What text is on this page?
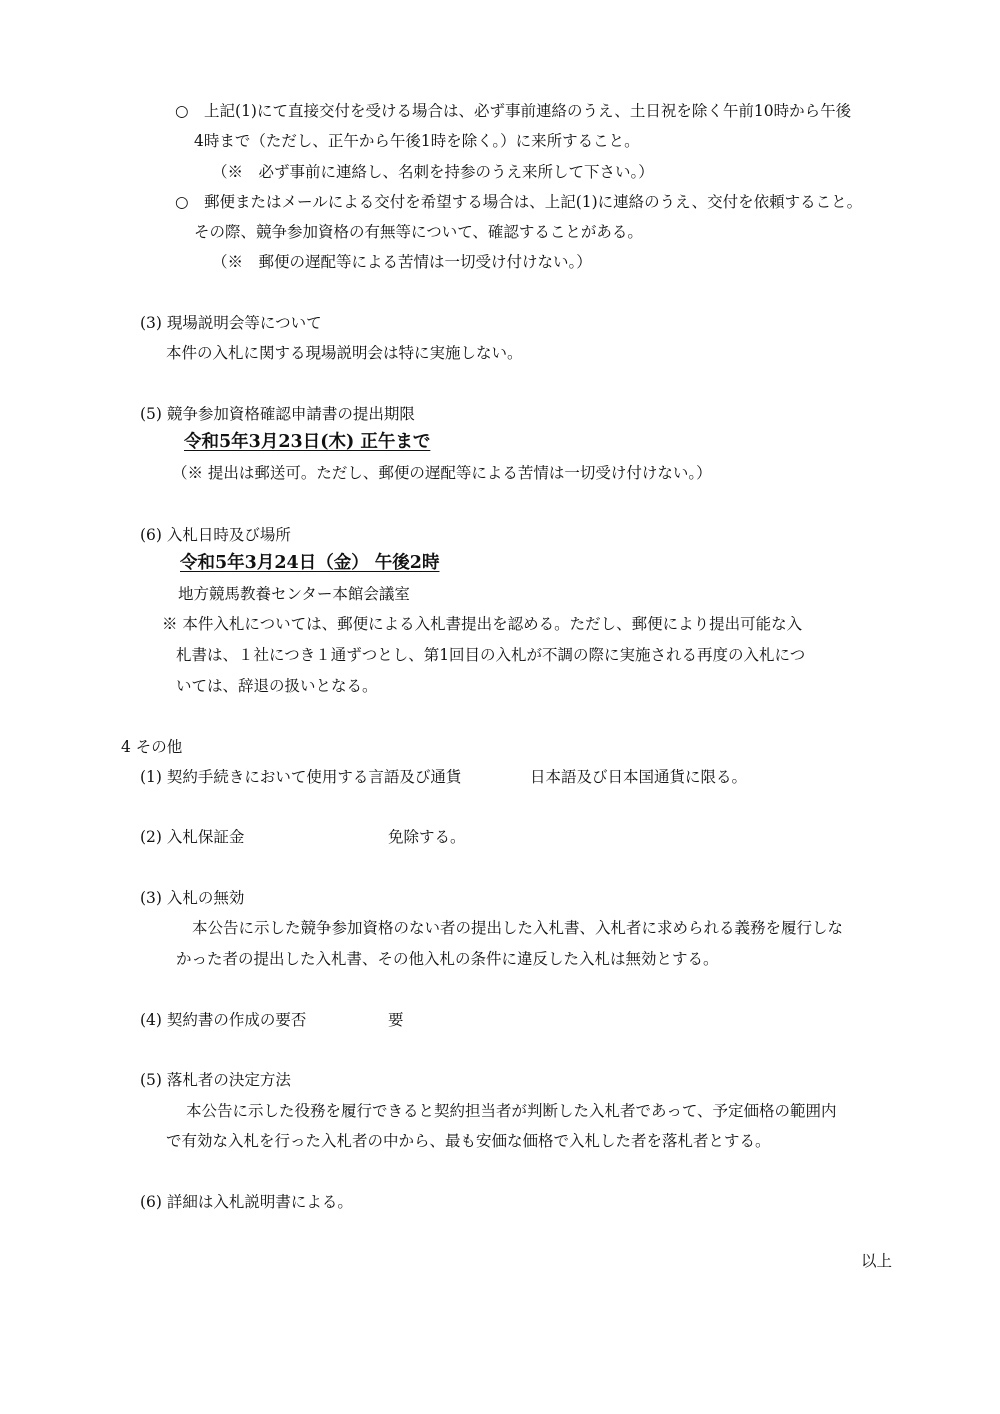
○　上記(1)にて直接交付を受ける場合は、必ず事前連絡のうえ、土日祝を除く午前10時から午後
4時まで（ただし、正午から午後1時を除く。）に来所すること。
（※　必ず事前に連絡し、名刺を持参のうえ来所して下さい。）
○　郵便またはメールによる交付を希望する場合は、上記(1)に連絡のうえ、交付を依頼すること。
その際、競争参加資格の有無等について、確認することがある。
（※　郵便の遅配等による苦情は一切受け付けない。）
(3) 現場説明会等について
本件の入札に関する現場説明会は特に実施しない。
(5) 競争参加資格確認申請書の提出期限
令和5年3月23日(木) 正午まで
（※ 提出は郵送可。ただし、郵便の遅配等による苦情は一切受け付けない。）
(6) 入札日時及び場所
令和5年3月24日（金） 午後2時
地方競馬教養センター本館会議室
※ 本件入札については、郵便による入札書提出を認める。ただし、郵便により提出可能な入
札書は、１社につき１通ずつとし、第1回目の入札が不調の際に実施される再度の入札につ
いては、辞退の扱いとなる。
4 その他
(1) 契約手続きにおいて使用する言語及び通貨	日本語及び日本国通貨に限る。
(2) 入札保証金	免除する。
(3) 入札の無効
本公告に示した競争参加資格のない者の提出した入札書、入札者に求められる義務を履行しな
かった者の提出した入札書、その他入札の条件に違反した入札は無効とする。
(4) 契約書の作成の要否	要
(5) 落札者の決定方法
本公告に示した役務を履行できると契約担当者が判断した入札者であって、予定価格の範囲内
で有効な入札を行った入札者の中から、最も安価な価格で入札した者を落札者とする。
(6) 詳細は入札説明書による。
以上
